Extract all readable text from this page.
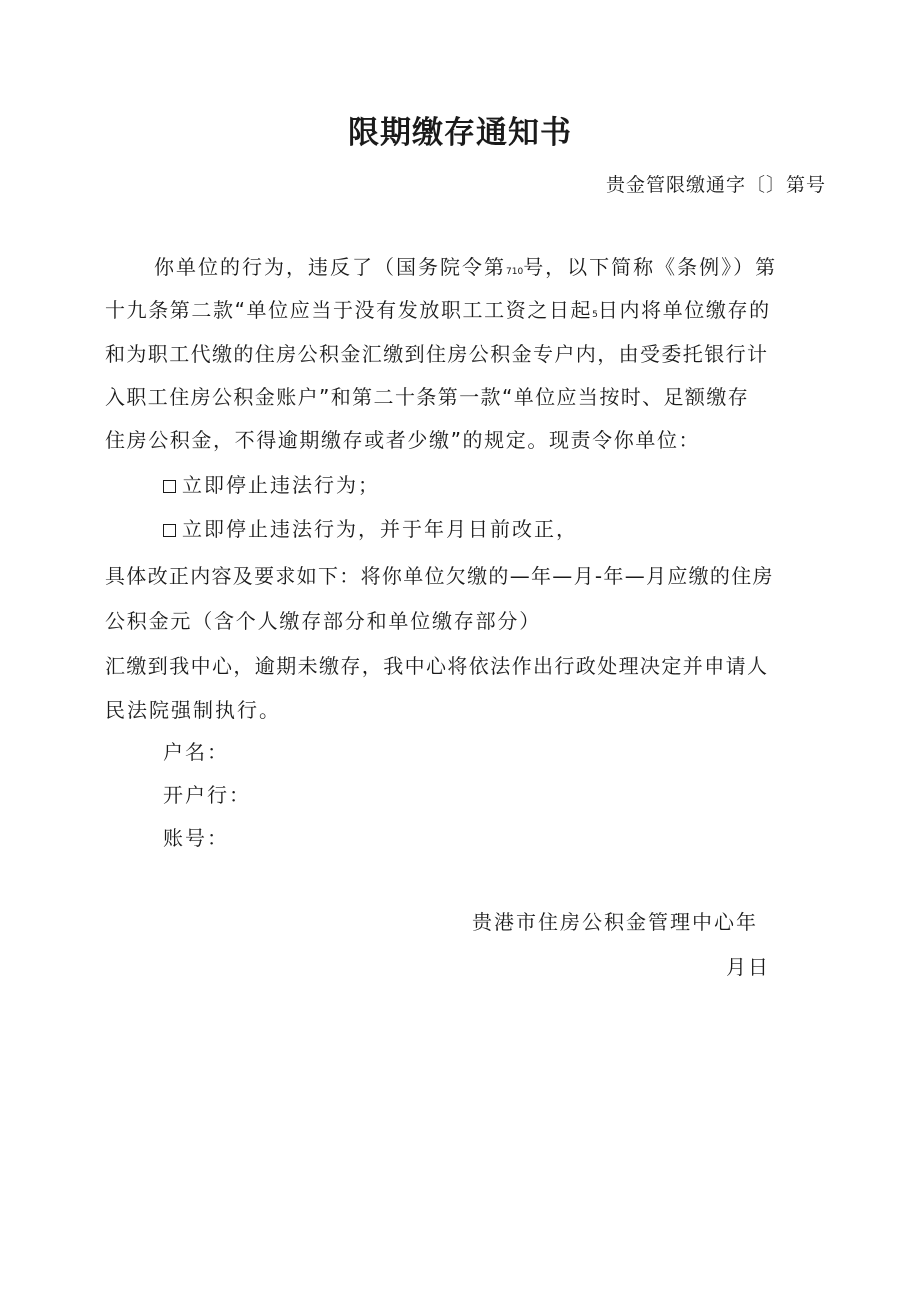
限期缴存通知书
贵金管限缴通字〔〕第号
你单位的行为，违反了（国务院令第710号，以下简称《条例》）第
十九条第二款“单位应当于没有发放职工工资之日起5日内将单位缴存的
和为职工代缴的住房公积金汇缴到住房公积金专户内，由受委托银行计
入职工住房公积金账户”和第二十条第一款“单位应当按时、足额缴存
住房公积金，不得逾期缴存或者少缴”的规定。现责令你单位：
立即停止违法行为；
立即停止违法行为，并于年月日前改正，
具体改正内容及要求如下：将你单位欠缴的—年—月-年—月应缴的住房
公积金元（含个人缴存部分和单位缴存部分）
汇缴到我中心，逾期未缴存，我中心将依法作出行政处理决定并申请人
民法院强制执行。
户名：
开户行：
账号：
贵港市住房公积金管理中心年
月日
